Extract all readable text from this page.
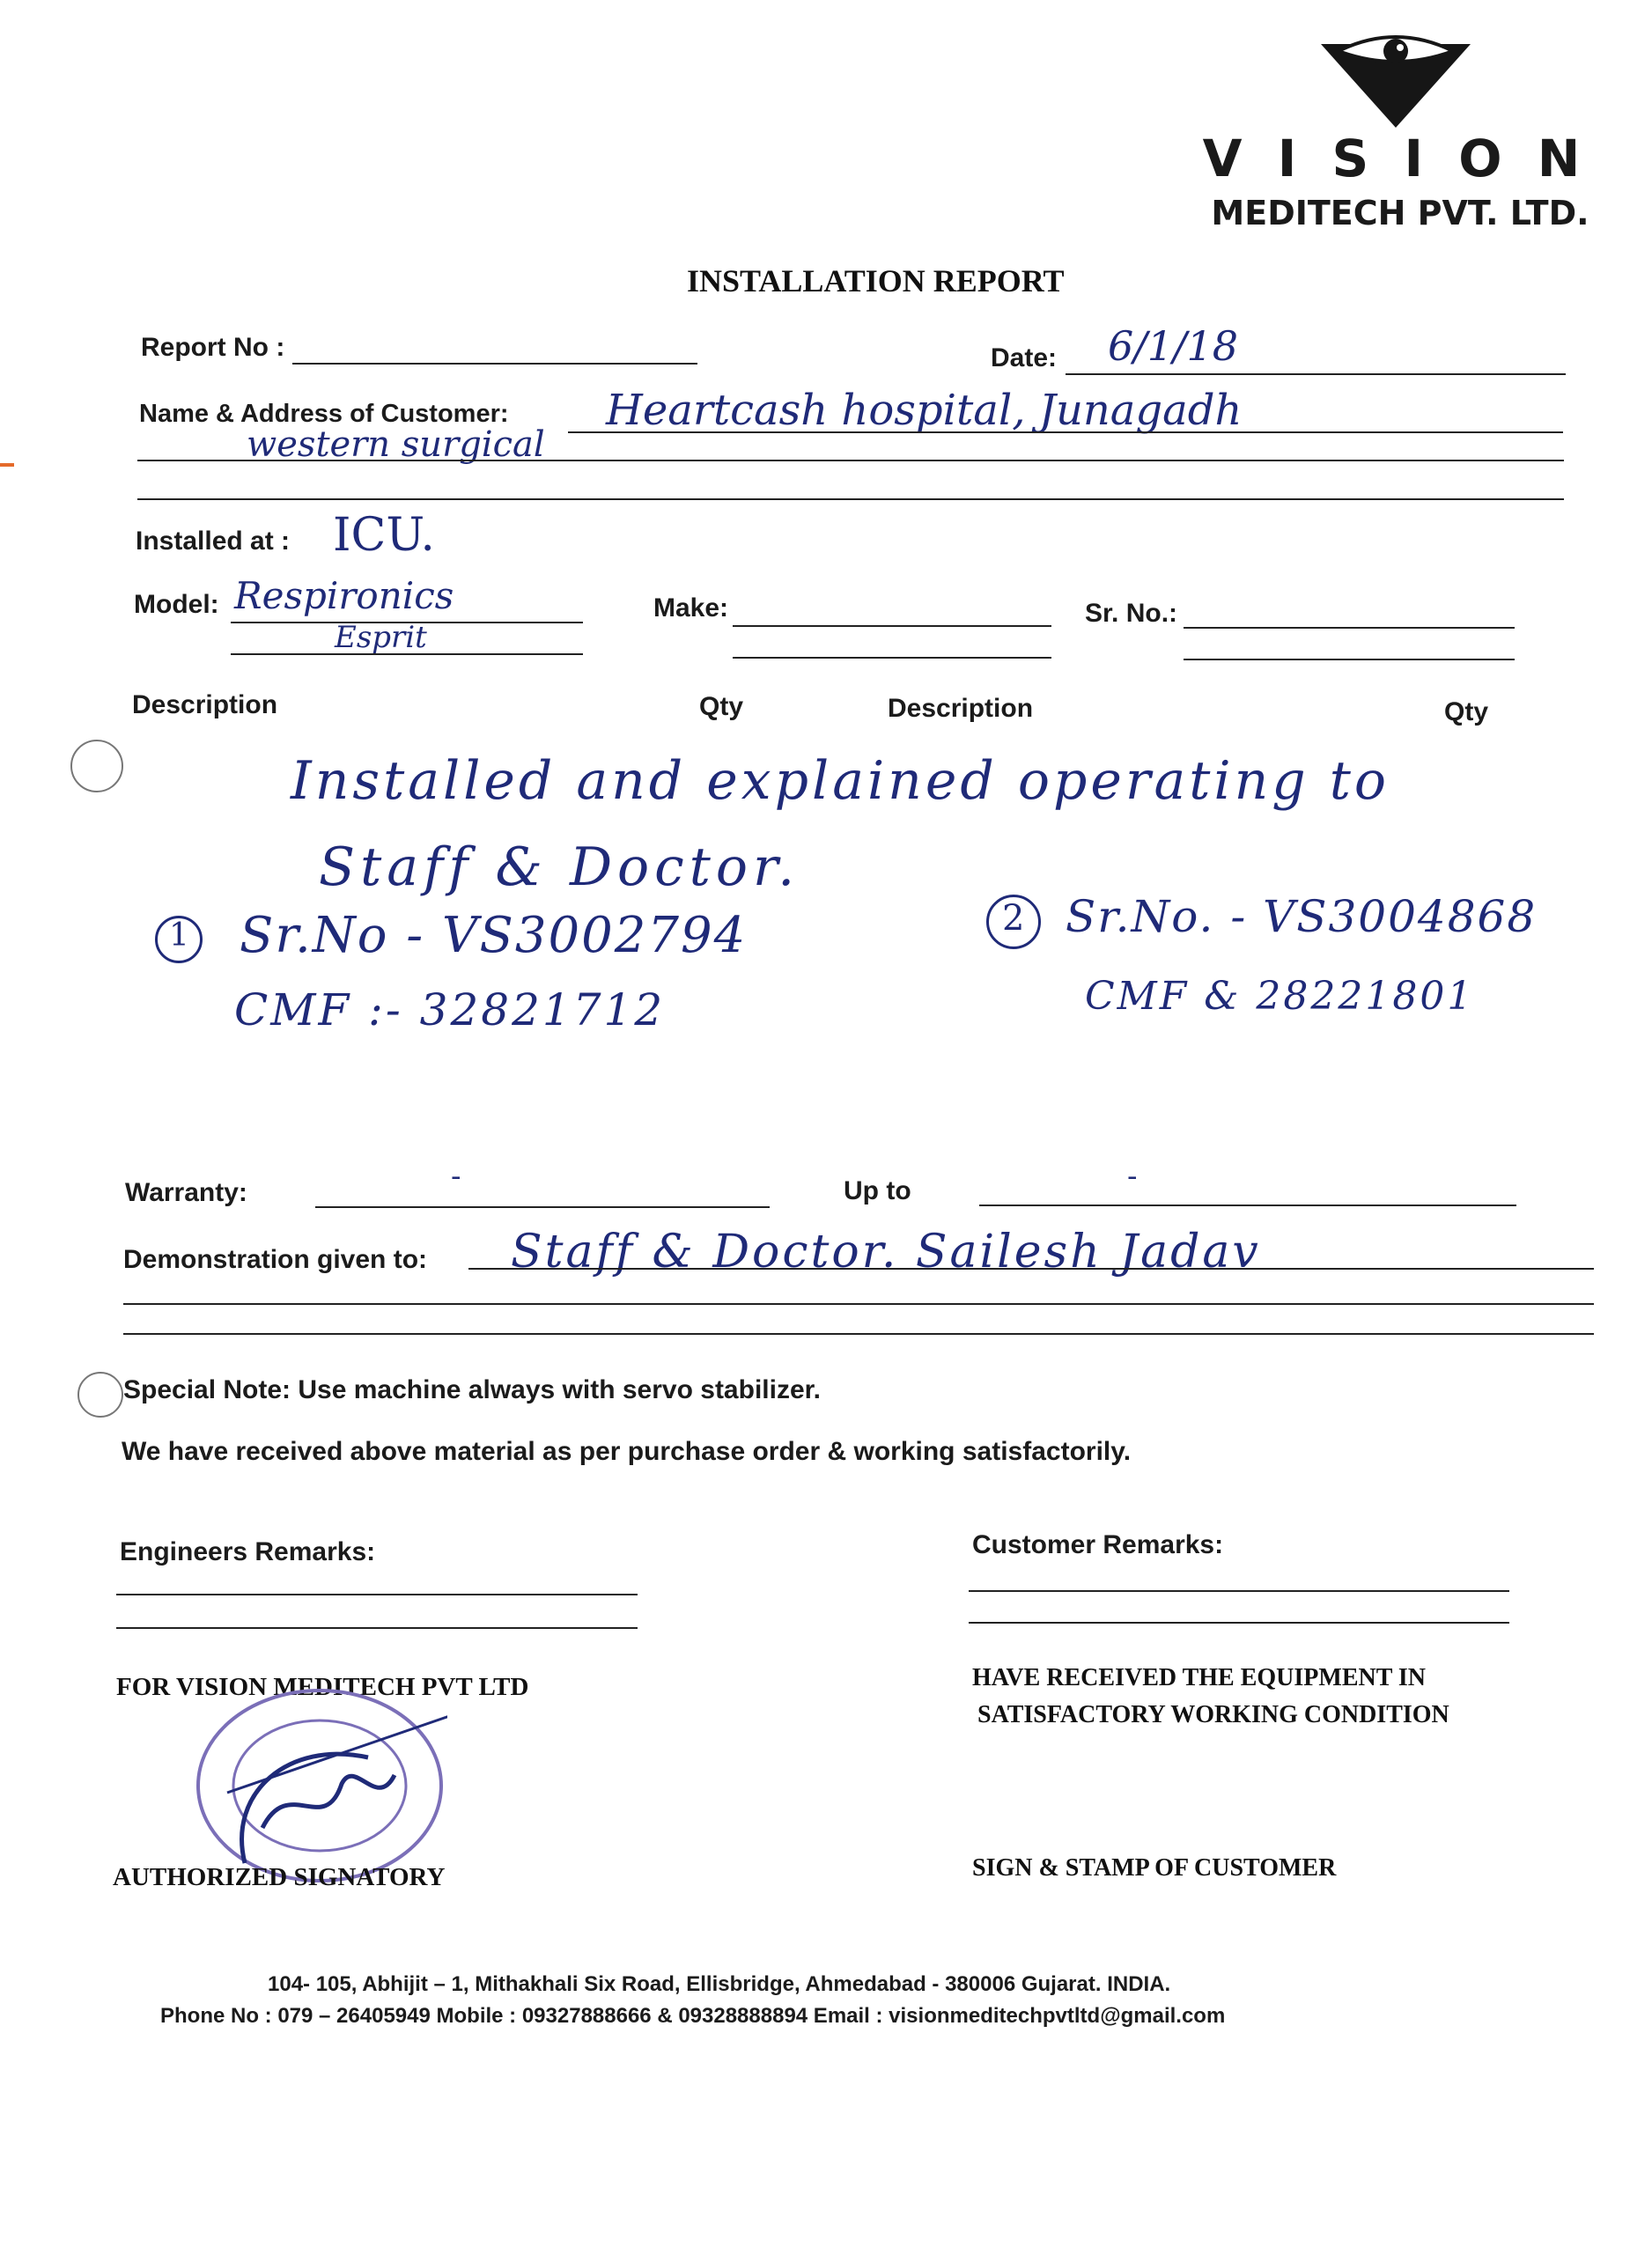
V I S I O N
MEDITECH PVT. LTD.
INSTALLATION REPORT
Report No :	Date: 6/1/18
Name & Address of Customer: Heartcash hospital, Junagadh
western surgical
Installed at : ICU.
Model: Respironics
Esprit
Make:	Sr. No.:
Description	Qty	Description	Qty
Installed and explained operating to
Staff & Doctor.
1 Sr.No - VS3002794
CMF :- 32821712
2 Sr.No. - VS3004868
CMF & 28221801
Warranty:	-	Up to	-
Demonstration given to: Staff & Doctor. Sailesh Jadav
Special Note: Use machine always with servo stabilizer.
We have received above material as per purchase order & working satisfactorily.
Engineers Remarks:	Customer Remarks:
FOR VISION MEDITECH PVT LTD
AUTHORIZED SIGNATORY
HAVE RECEIVED THE EQUIPMENT IN
SATISFACTORY WORKING CONDITION
SIGN & STAMP OF CUSTOMER
104- 105, Abhijit – 1, Mithakhali Six Road, Ellisbridge, Ahmedabad - 380006 Gujarat. INDIA.
Phone No : 079 – 26405949 Mobile : 09327888666 & 09328888894 Email : visionmeditechpvtltd@gmail.com
